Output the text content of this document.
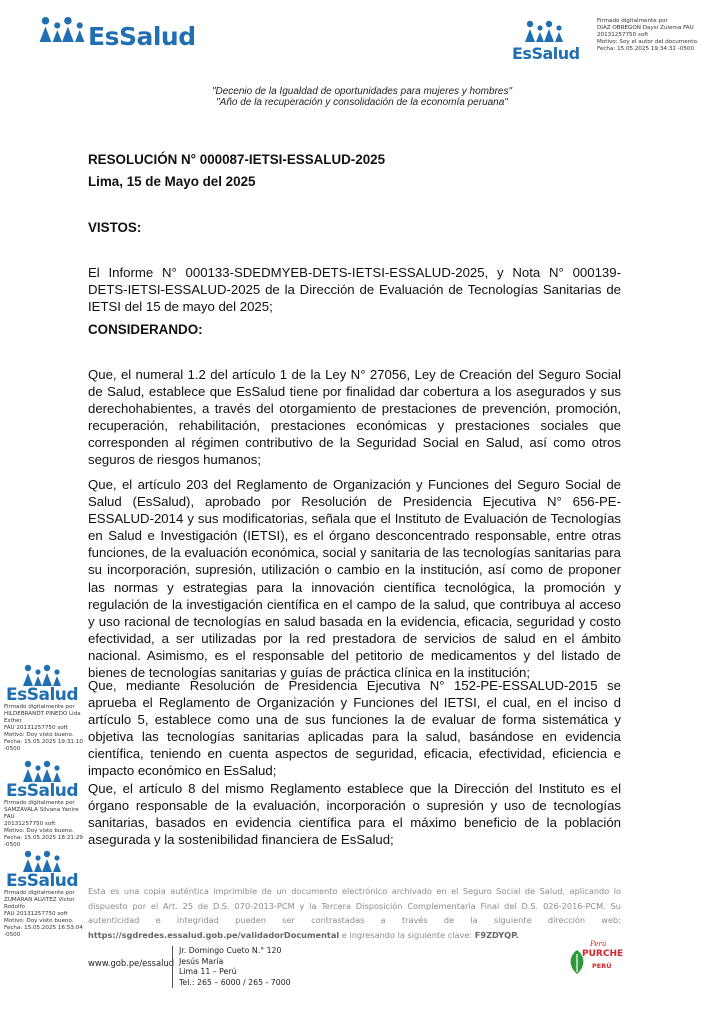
EsSalud
EsSalud
Firmado digitalmente por
DIAZ OBREGON Daysi Zulema FAU
20131257750 soft
Motivo: Soy el autor del documento.
Fecha: 15.05.2025 19:34:31 -0500
"Decenio de la Igualdad de oportunidades para mujeres y hombres"
"Año de la recuperación y consolidación de la economía peruana"
RESOLUCIÓN N° 000087-IETSI-ESSALUD-2025
Lima, 15 de Mayo del 2025
VISTOS:
El Informe N° 000133-SDEDMYEB-DETS-IETSI-ESSALUD-2025, y Nota N° 000139-DETS-IETSI-ESSALUD-2025 de la Dirección de Evaluación de Tecnologías Sanitarias de IETSI del 15 de mayo del 2025;
CONSIDERANDO:
Que, el numeral 1.2 del artículo 1 de la Ley N° 27056, Ley de Creación del Seguro Social de Salud, establece que EsSalud tiene por finalidad dar cobertura a los asegurados y sus derechohabientes, a través del otorgamiento de prestaciones de prevención, promoción, recuperación, rehabilitación, prestaciones económicas y prestaciones sociales que corresponden al régimen contributivo de la Seguridad Social en Salud, así como otros seguros de riesgos humanos;
Que, el artículo 203 del Reglamento de Organización y Funciones del Seguro Social de Salud (EsSalud), aprobado por Resolución de Presidencia Ejecutiva N° 656-PE-ESSALUD-2014 y sus modificatorias, señala que el Instituto de Evaluación de Tecnologías en Salud e Investigación (IETSI), es el órgano desconcentrado responsable, entre otras funciones, de la evaluación económica, social y sanitaria de las tecnologías sanitarias para su incorporación, supresión, utilización o cambio en la institución, así como de proponer las normas y estrategias para la innovación científica tecnológica, la promoción y regulación de la investigación científica en el campo de la salud, que contribuya al acceso y uso racional de tecnologías en salud basada en la evidencia, eficacia, seguridad y costo efectividad, a ser utilizadas por la red prestadora de servicios de salud en el ámbito nacional. Asimismo, es el responsable del petitorio de medicamentos y del listado de bienes de tecnologías sanitarias y guías de práctica clínica en la institución;
Que, mediante Resolución de Presidencia Ejecutiva N° 152-PE-ESSALUD-2015 se aprueba el Reglamento de Organización y Funciones del IETSI, el cual, en el inciso d artículo 5, establece como una de sus funciones la de evaluar de forma sistemática y objetiva las tecnologías sanitarias aplicadas para la salud, basándose en evidencia científica, teniendo en cuenta aspectos de seguridad, eficacia, efectividad, eficiencia e impacto económico en EsSalud;
Que, el artículo 8 del mismo Reglamento establece que la Dirección del Instituto es el órgano responsable de la evaluación, incorporación o supresión y uso de tecnologías sanitarias, basados en evidencia científica para el máximo beneficio de la población asegurada y la sostenibilidad financiera de EsSalud;
EsSalud
Firmado digitalmente por
HILDEBRANDT PINEDO Lida Esther
FAU 20131257750 soft
Motivo: Doy visto bueno.
Fecha: 15.05.2025 19:31:10 -0500
EsSalud
Firmado digitalmente por
SAMZAVALA Silvana Yanire FAU
20131257750 soft
Motivo: Doy visto bueno.
Fecha: 15.05.2025 18:21:29 -0500
EsSalud
Firmado digitalmente por
ZUMARAN ALVITEZ Victor Rodolfo
FAU 20131257750 soft
Motivo: Doy visto bueno.
Fecha: 15.05.2025 16:53:04 -0500
Esta es una copia auténtica imprimible de un documento electrónico archivado en el Seguro Social de Salud, aplicando lo dispuesto por el Art. 25 de D.S. 070-2013-PCM y la Tercera Disposición Complementaria Final del D.S. 026-2016-PCM. Su autenticidad e integridad pueden ser contrastadas a través de la siguiente dirección web: https://sgdredes.essalud.gob.pe/validadorDocumental e ingresando la siguiente clave: F9ZDYQP.
www.gob.pe/essalud
Jr. Domingo Cueto N.° 120
Jesús María
Lima 11 – Perú
Tel.: 265 – 6000 / 265 - 7000
Perú
PURCHE
PERÚ
